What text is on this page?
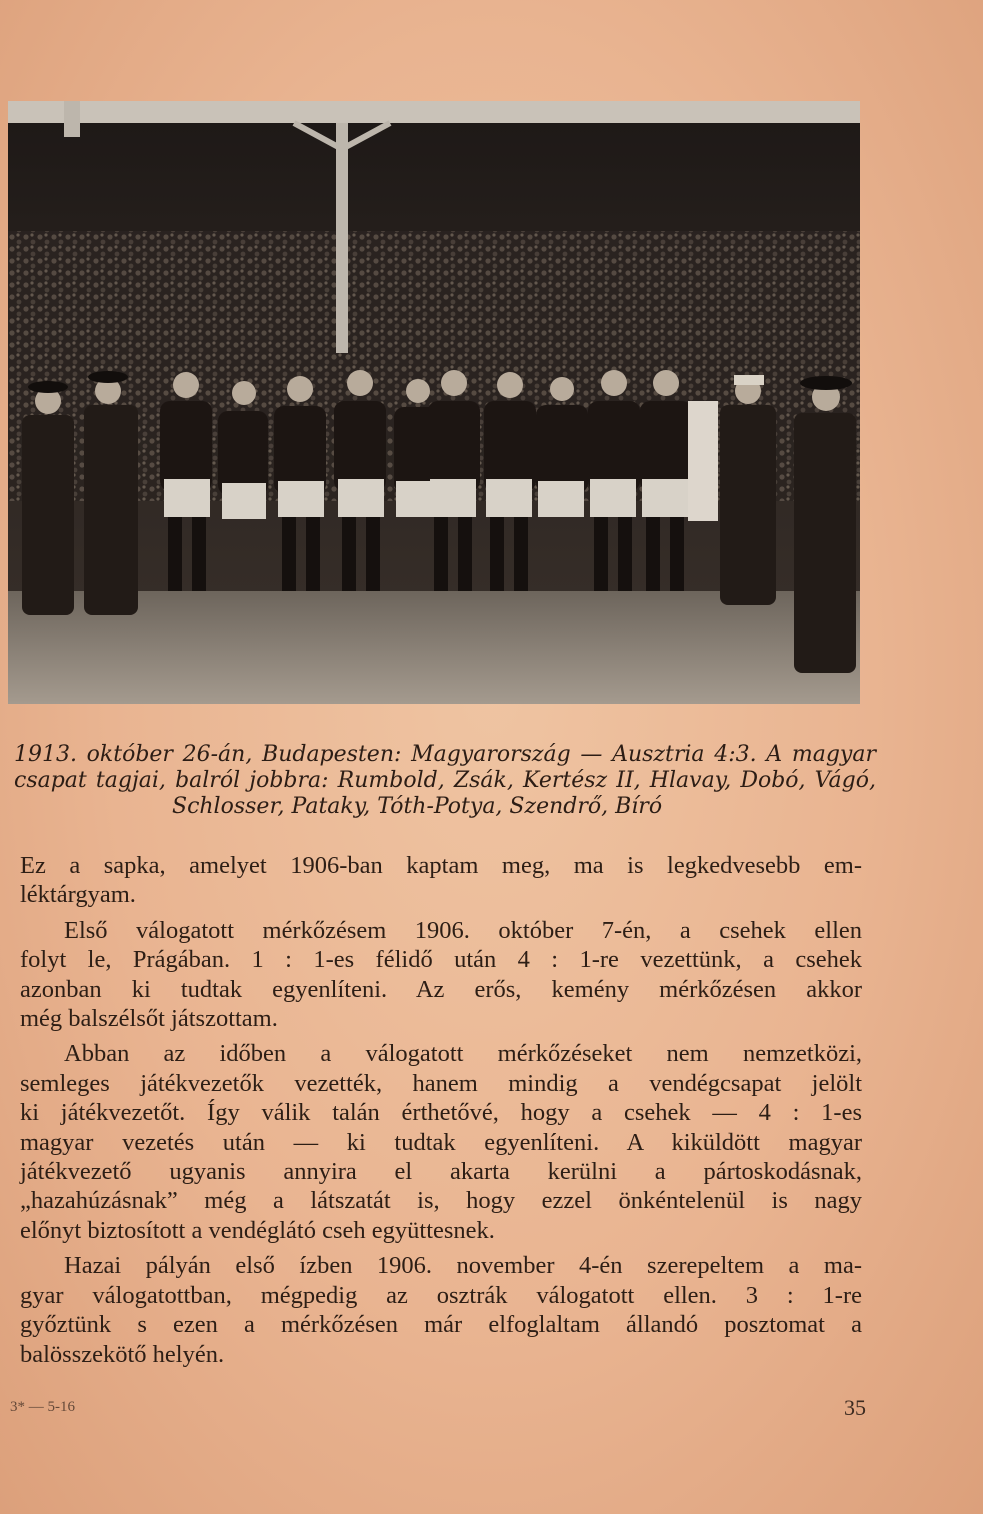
1913. október 26-án, Budapesten: Magyarország — Ausztria 4:3. A magyar
csapat tagjai, balról jobbra: Rumbold, Zsák, Kertész II, Hlavay, Dobó, Vágó,
Schlosser, Pataky, Tóth-Potya, Szendrő, Bíró

Ez a sapka, amelyet 1906-ban kaptam meg, ma is legkedvesebb em-
léktárgyam.

Első válogatott mérkőzésem 1906. október 7-én, a csehek ellen
folyt le, Prágában. 1 : 1-es félidő után 4 : 1-re vezettünk, a csehek
azonban ki tudtak egyenlíteni. Az erős, kemény mérkőzésen akkor
még balszélsőt játszottam.

Abban az időben a válogatott mérkőzéseket nem nemzetközi,
semleges játékvezetők vezették, hanem mindig a vendégcsapat jelölt
ki játékvezetőt. Így válik talán érthetővé, hogy a csehek — 4 : 1-es
magyar vezetés után — ki tudtak egyenlíteni. A kiküldött magyar
játékvezető ugyanis annyira el akarta kerülni a pártoskodásnak,
„hazahúzásnak” még a látszatát is, hogy ezzel önkéntelenül is nagy
előnyt biztosított a vendéglátó cseh együttesnek.

Hazai pályán első ízben 1906. november 4-én szerepeltem a ma-
gyar válogatottban, mégpedig az osztrák válogatott ellen. 3 : 1-re
győztünk s ezen a mérkőzésen már elfoglaltam állandó posztomat a
balösszekötő helyén.

3* — 5-16	35
